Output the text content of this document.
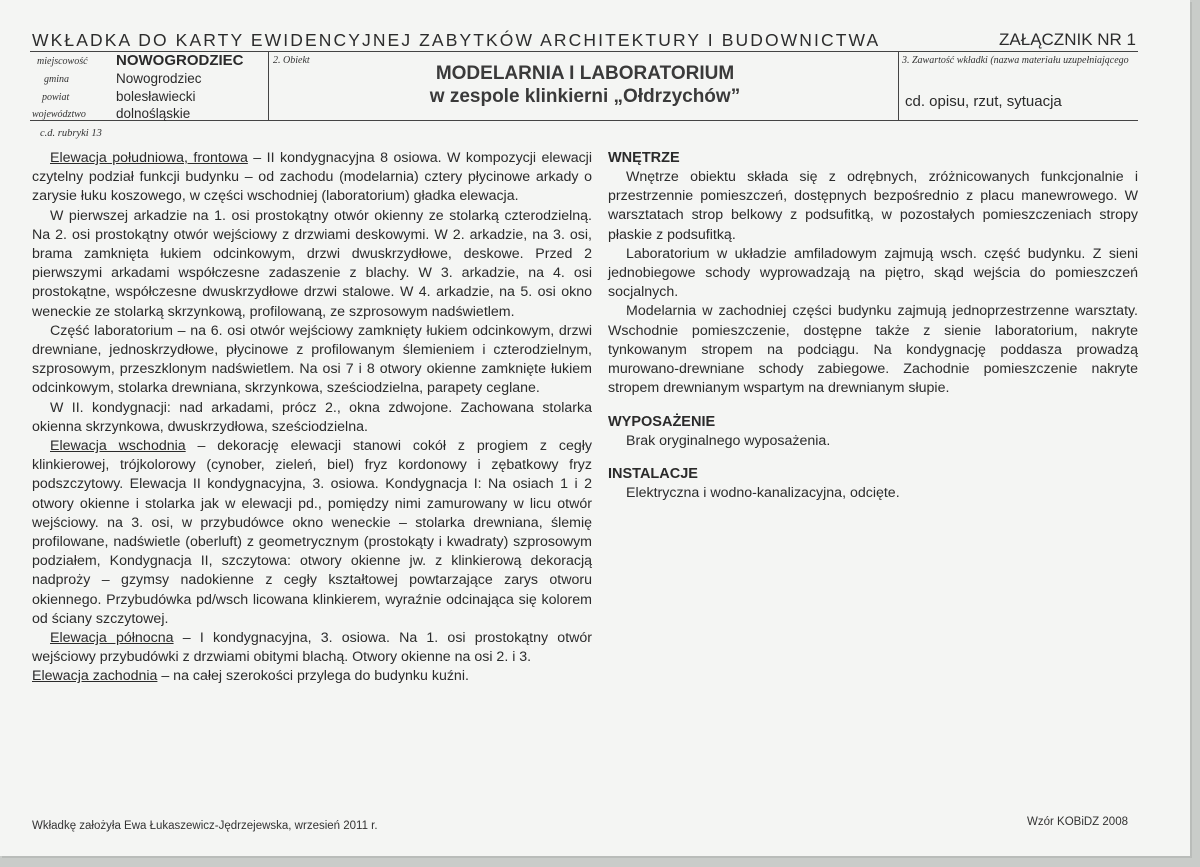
WKŁADKA DO KARTY EWIDENCYJNEJ ZABYTKÓW ARCHITEKTURY I BUDOWNICTWA	ZAŁĄCZNIK NR 1
miejscowość NOWOGRODZIEC
gmina	Nowogrodziec
powiat	bolesławiecki
województwo dolnośląskie
2. Obiekt
MODELARNIA I LABORATORIUM
w zespole klinkierni „Ołdrzychów”
3. Zawartość wkładki (nazwa materiału uzupełniającego
cd. opisu, rzut, sytuacja
c.d. rubryki 13

Elewacja południowa, frontowa – II kondygnacyjna 8 osiowa. W kompozycji elewacji czytelny podział funkcji budynku – od zachodu (modelarnia) cztery płycinowe arkady o zarysie łuku koszowego, w części wschodniej (laboratorium) gładka elewacja.

W pierwszej arkadzie na 1. osi prostokątny otwór okienny ze stolarką czterodzielną. Na 2. osi prostokątny otwór wejściowy z drzwiami deskowymi. W 2. arkadzie, na 3. osi, brama zamknięta łukiem odcinkowym, drzwi dwuskrzydłowe, deskowe. Przed 2 pierwszymi arkadami współczesne zadaszenie z blachy. W 3. arkadzie, na 4. osi prostokątne, współczesne dwuskrzydłowe drzwi stalowe. W 4. arkadzie, na 5. osi okno weneckie ze stolarką skrzynkową, profilowaną, ze szprosowym nadświetlem.

Część laboratorium – na 6. osi otwór wejściowy zamknięty łukiem odcinkowym, drzwi drewniane, jednoskrzydłowe, płycinowe z profilowanym ślemieniem i czterodzielnym, szprosowym, przeszklonym nadświetlem. Na osi 7 i 8 otwory okienne zamknięte łukiem odcinkowym, stolarka drewniana, skrzynkowa, sześciodzielna, parapety ceglane.

W II. kondygnacji: nad arkadami, prócz 2., okna zdwojone. Zachowana stolarka okienna skrzynkowa, dwuskrzydłowa, sześciodzielna.

Elewacja wschodnia – dekorację elewacji stanowi cokół z progiem z cegły klinkierowej, trójkolorowy (cynober, zieleń, biel) fryz kordonowy i zębatkowy fryz podszczytowy. Elewacja II kondygnacyjna, 3. osiowa. Kondygnacja I: Na osiach 1 i 2 otwory okienne i stolarka jak w elewacji pd., pomiędzy nimi zamurowany w licu otwór wejściowy. na 3. osi, w przybudówce okno weneckie – stolarka drewniana, ślemię profilowane, nadświetle (oberluft) z geometrycznym (prostokąty i kwadraty) szprosowym podziałem, Kondygnacja II, szczytowa: otwory okienne jw. z klinkierową dekoracją nadproży – gzymsy nadokienne z cegły kształtowej powtarzające zarys otworu okiennego. Przybudówka pd/wsch licowana klinkierem, wyraźnie odcinająca się kolorem od ściany szczytowej.

Elewacja północna – I kondygnacyjna, 3. osiowa. Na 1. osi prostokątny otwór wejściowy przybudówki z drzwiami obitymi blachą. Otwory okienne na osi 2. i 3.

Elewacja zachodnia – na całej szerokości przylega do budynku kuźni.

WNĘTRZE

Wnętrze obiektu składa się z odrębnych, zróżnicowanych funkcjonalnie i przestrzennie pomieszczeń, dostępnych bezpośrednio z placu manewrowego. W warsztatach strop belkowy z podsufitką, w pozostałych pomieszczeniach stropy płaskie z podsufitką.

Laboratorium w układzie amfiladowym zajmują wsch. część budynku. Z sieni jednobiegowe schody wyprowadzają na piętro, skąd wejścia do pomieszczeń socjalnych.

Modelarnia w zachodniej części budynku zajmują jednoprzestrzenne warsztaty. Wschodnie pomieszczenie, dostępne także z sienie laboratorium, nakryte tynkowanym stropem na podciągu. Na kondygnację poddasza prowadzą murowano-drewniane schody zabiegowe. Zachodnie pomieszczenie nakryte stropem drewnianym wspartym na drewnianym słupie.

WYPOSAŻENIE

Brak oryginalnego wyposażenia.

INSTALACJE

Elektryczna i wodno-kanalizacyjna, odcięte.

Wkładkę założyła Ewa Łukaszewicz-Jędrzejewska, wrzesień 2011 r.	Wzór KOBiDZ 2008
